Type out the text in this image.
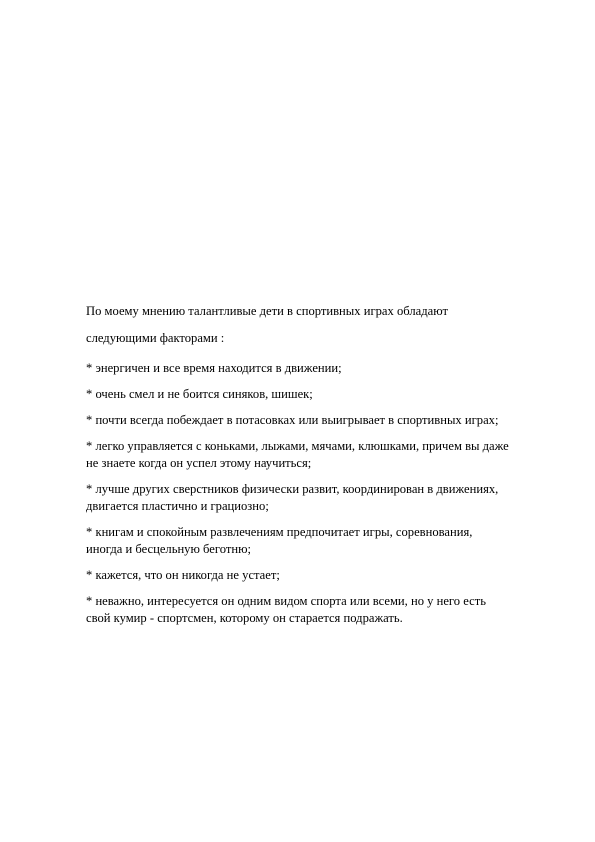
По моему мнению талантливые дети в спортивных играх обладают

следующими факторами :

* энергичен и все время находится в движении;
* очень смел и не боится синяков, шишек;
* почти всегда побеждает в потасовках или выигрывает в спортивных играх;
* легко управляется с коньками, лыжами, мячами, клюшками, причем вы даже
не знаете когда он успел этому научиться;
* лучше других сверстников физически развит, координирован в движениях,
двигается пластично и грациозно;
* книгам и спокойным развлечениям предпочитает игры, соревнования,
иногда и бесцельную беготню;
* кажется, что он никогда не устает;
* неважно, интересуется он одним видом спорта или всеми, но у него есть
свой кумир - спортсмен, которому он старается подражать.
